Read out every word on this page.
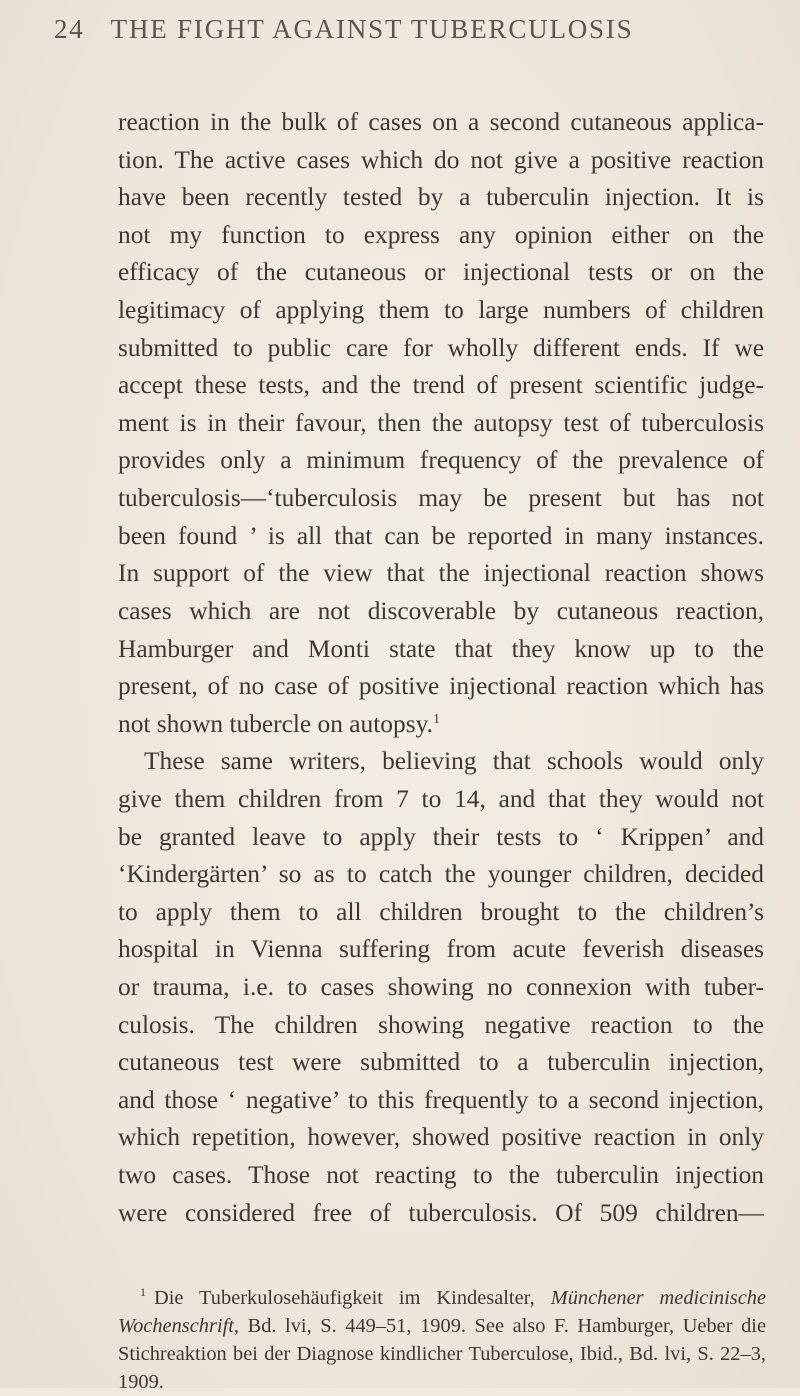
24 THE FIGHT AGAINST TUBERCULOSIS
reaction in the bulk of cases on a second cutaneous applica-
tion. The active cases which do not give a positive reaction
have been recently tested by a tuberculin injection. It is
not my function to express any opinion either on the
efficacy of the cutaneous or injectional tests or on the
legitimacy of applying them to large numbers of children
submitted to public care for wholly different ends. If we
accept these tests, and the trend of present scientific judge-
ment is in their favour, then the autopsy test of tuberculosis
provides only a minimum frequency of the prevalence of
tuberculosis—‘tuberculosis may be present but has not
been found ’ is all that can be reported in many instances.
In support of the view that the injectional reaction shows
cases which are not discoverable by cutaneous reaction,
Hamburger and Monti state that they know up to the
present, of no case of positive injectional reaction which has
not shown tubercle on autopsy.$^1$
These same writers, believing that schools would only
give them children from 7 to 14, and that they would not
be granted leave to apply their tests to ‘ Krippen’ and
‘Kindergärten’ so as to catch the younger children, decided
to apply them to all children brought to the children’s
hospital in Vienna suffering from acute feverish diseases
or trauma, i.e. to cases showing no connexion with tuber-
culosis. The children showing negative reaction to the
cutaneous test were submitted to a tuberculin injection,
and those ‘ negative’ to this frequently to a second injection,
which repetition, however, showed positive reaction in only
two cases. Those not reacting to the tuberculin injection
were considered free of tuberculosis. Of 509 children—
$^1$ Die Tuberkulosehäufigkeit im Kindesalter, Münchener medicinische
Wochenschrift, Bd. lvi, S. 449–51, 1909. See also F. Hamburger, Ueber die
Stichreaktion bei der Diagnose kindlicher Tuberculose, Ibid., Bd. lvi, S. 22–3,
1909.
